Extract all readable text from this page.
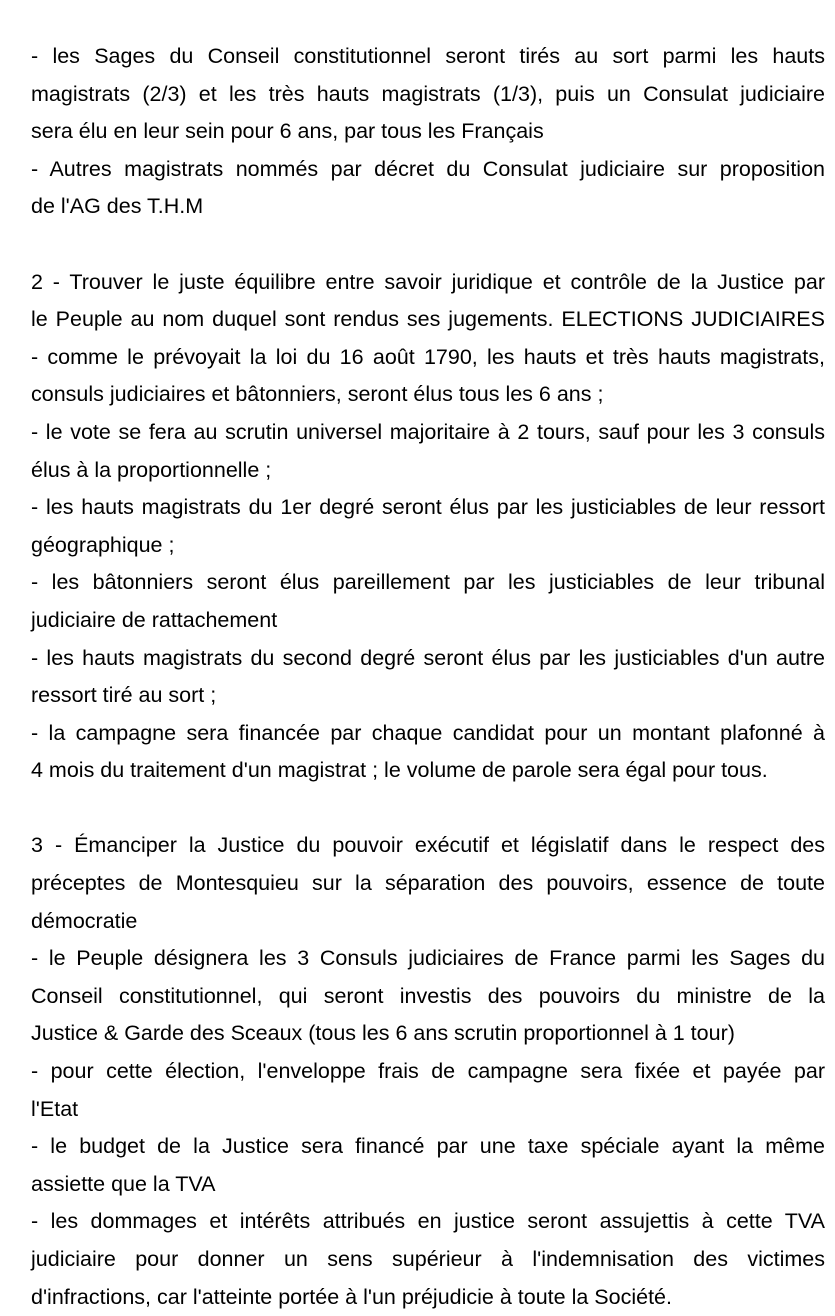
- les Sages du Conseil constitutionnel seront tirés au sort parmi les hauts
magistrats (2/3) et les très hauts magistrats (1/3), puis un Consulat judiciaire
sera élu en leur sein pour 6 ans, par tous les Français
- Autres magistrats nommés par décret du Consulat judiciaire sur proposition
de l'AG des T.H.M
2 - Trouver le juste équilibre entre savoir juridique et contrôle de la Justice par
le Peuple au nom duquel sont rendus ses jugements. ELECTIONS JUDICIAIRES
- comme le prévoyait la loi du 16 août 1790, les hauts et très hauts magistrats,
consuls judiciaires et bâtonniers, seront élus tous les 6 ans ;
- le vote se fera au scrutin universel majoritaire à 2 tours, sauf pour les 3 consuls
élus à la proportionnelle ;
- les hauts magistrats du 1er degré seront élus par les justiciables de leur ressort
géographique ;
- les bâtonniers seront élus pareillement par les justiciables de leur tribunal
judiciaire de rattachement
- les hauts magistrats du second degré seront élus par les justiciables d'un autre
ressort tiré au sort ;
- la campagne sera financée par chaque candidat pour un montant plafonné à
4 mois du traitement d'un magistrat ; le volume de parole sera égal pour tous.
3 - Émanciper la Justice du pouvoir exécutif et législatif dans le respect des
préceptes de Montesquieu sur la séparation des pouvoirs, essence de toute
démocratie
- le Peuple désignera les 3 Consuls judiciaires de France parmi les Sages du
Conseil constitutionnel, qui seront investis des pouvoirs du ministre de la
Justice & Garde des Sceaux (tous les 6 ans scrutin proportionnel à 1 tour)
- pour cette élection, l'enveloppe frais de campagne sera fixée et payée par
l'Etat
- le budget de la Justice sera financé par une taxe spéciale ayant la même
assiette que la TVA
- les dommages et intérêts attribués en justice seront assujettis à cette TVA
judiciaire pour donner un sens supérieur à l'indemnisation des victimes
d'infractions, car l'atteinte portée à l'un préjudicie à toute la Société.
